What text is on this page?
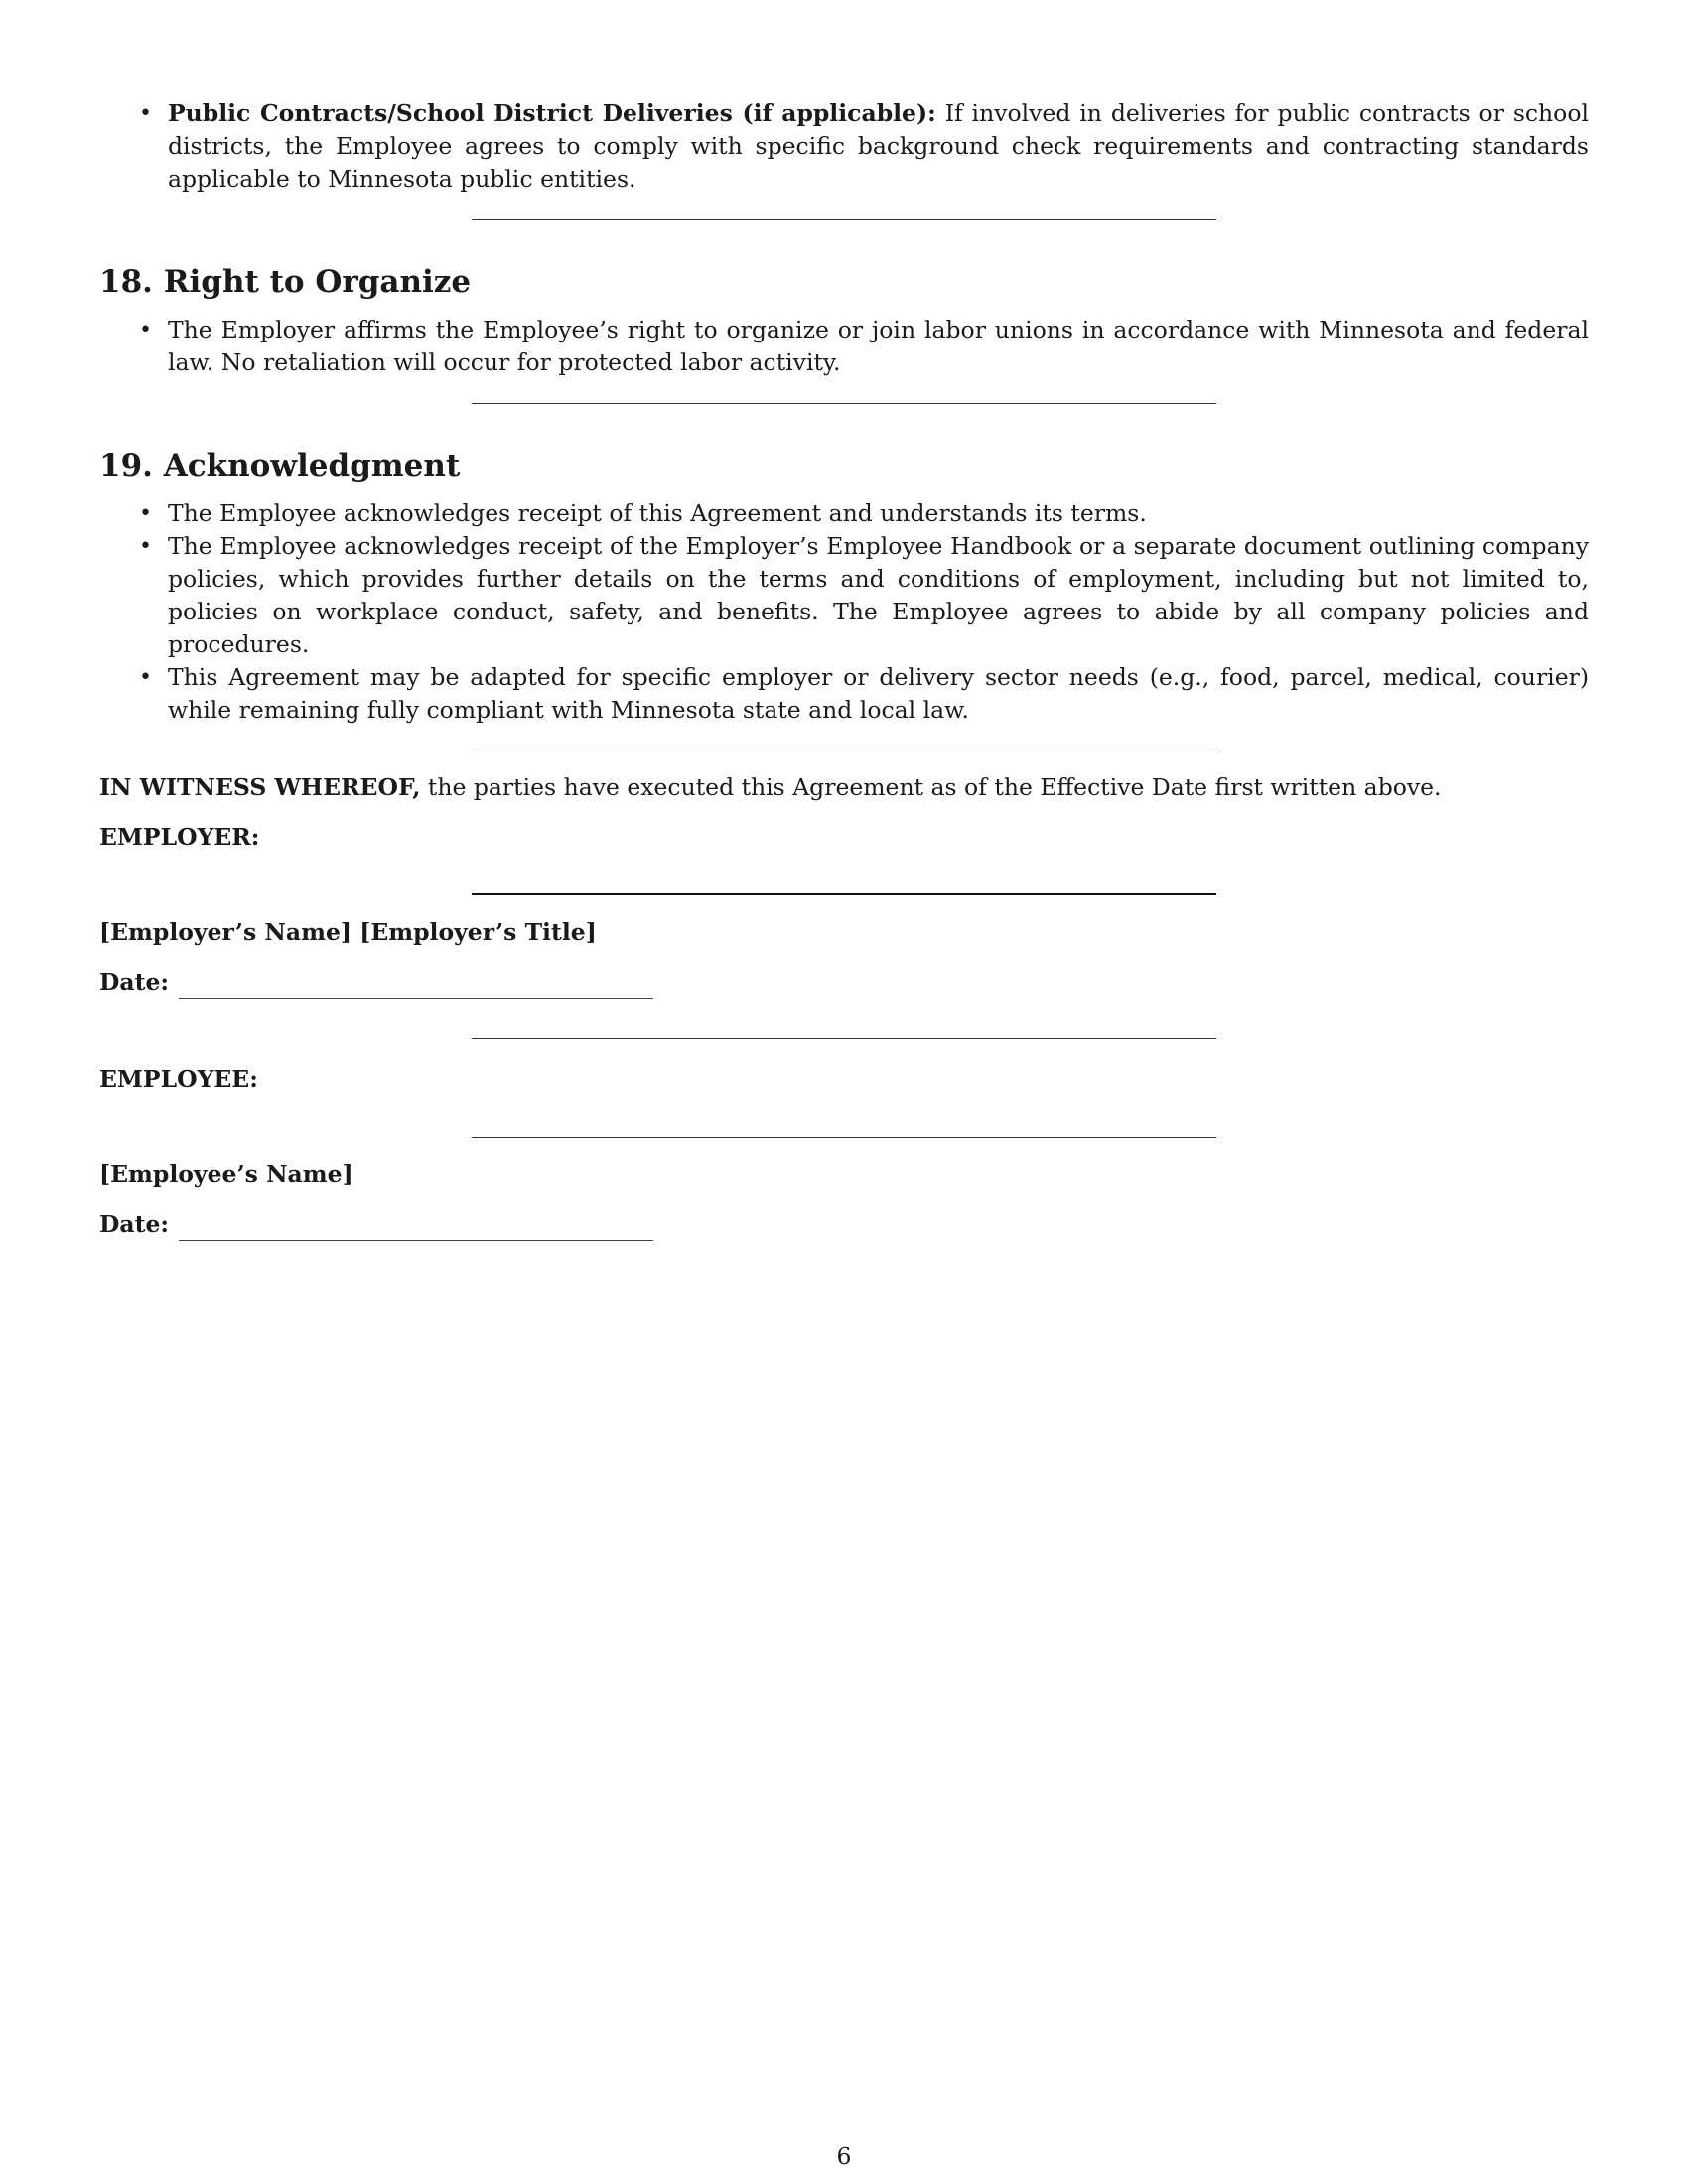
• Public Contracts/School District Deliveries (if applicable): If involved in deliveries for public contracts or school districts, the Employee agrees to comply with specific background check requirements and contracting standards applicable to Minnesota public entities.
18. Right to Organize
• The Employer affirms the Employee’s right to organize or join labor unions in accordance with Minnesota and federal law. No retaliation will occur for protected labor activity.
19. Acknowledgment
• The Employee acknowledges receipt of this Agreement and understands its terms.
• The Employee acknowledges receipt of the Employer’s Employee Handbook or a separate document outlining company policies, which provides further details on the terms and conditions of employment, including but not limited to, policies on workplace conduct, safety, and benefits. The Employee agrees to abide by all company policies and procedures.
• This Agreement may be adapted for specific employer or delivery sector needs (e.g., food, parcel, medical, courier) while remaining fully compliant with Minnesota state and local law.

IN WITNESS WHEREOF, the parties have executed this Agreement as of the Effective Date first written above.

EMPLOYER:

[Employer’s Name] [Employer’s Title]

Date:

EMPLOYEE:

[Employee’s Name]

Date:

6
